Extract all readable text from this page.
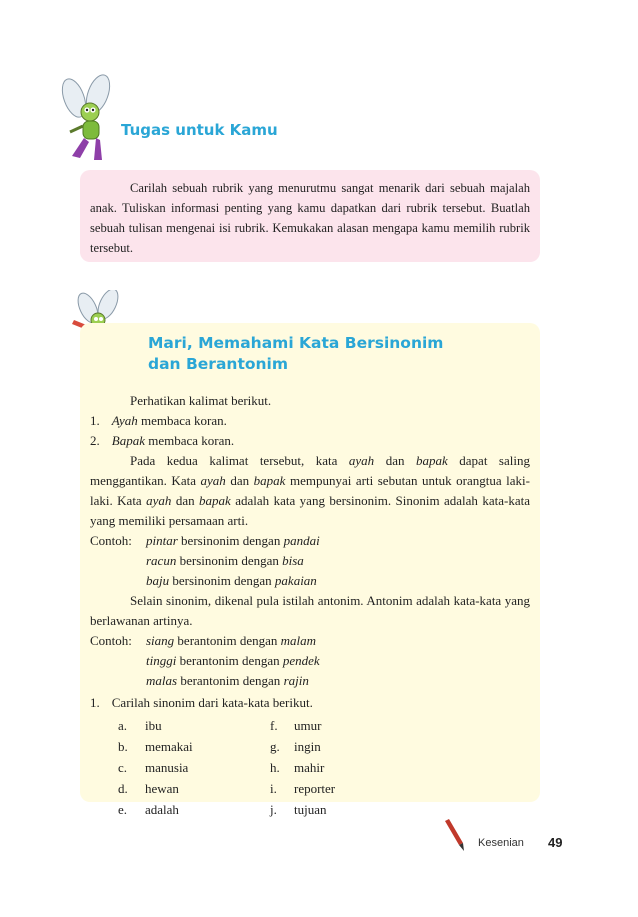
Tugas untuk Kamu

Carilah sebuah rubrik yang menurutmu sangat menarik dari sebuah majalah anak. Tuliskan informasi penting yang kamu dapatkan dari rubrik tersebut. Buatlah sebuah tulisan mengenai isi rubrik. Kemukakan alasan mengapa kamu memilih rubrik tersebut.

Mari, Memahami Kata Bersinonim
dan Berantonim
Perhatikan kalimat berikut.
1. Ayah membaca koran.
2. Bapak membaca koran.
Pada kedua kalimat tersebut, kata ayah dan bapak dapat saling menggantikan. Kata ayah dan bapak mempunyai arti sebutan untuk orangtua laki-laki. Kata ayah dan bapak adalah kata yang bersinonim. Sinonim adalah kata-kata yang memiliki persamaan arti.
Contoh: pintar bersinonim dengan pandai
racun bersinonim dengan bisa
baju bersinonim dengan pakaian
Selain sinonim, dikenal pula istilah antonim. Antonim adalah kata-kata yang berlawanan artinya.
Contoh: siang berantonim dengan malam
tinggi berantonim dengan pendek
malas berantonim dengan rajin
1. Carilah sinonim dari kata-kata berikut.
a. ibu
b. memakai
c. manusia
d. hewan
e. adalah
f. umur
g. ingin
h. mahir
i. reporter
j. tujuan
Kesenian 49
